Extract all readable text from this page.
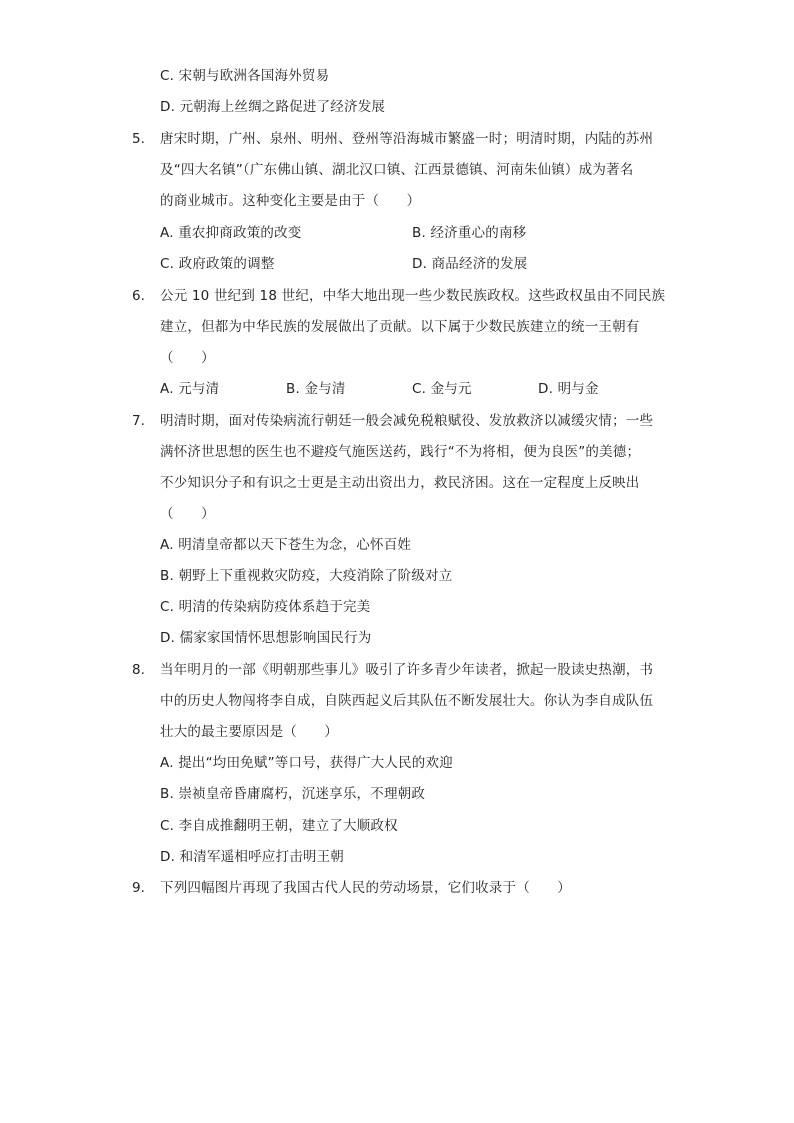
C. 宋朝与欧洲各国海外贸易
D. 元朝海上丝绸之路促进了经济发展
5. 唐宋时期，广州、泉州、明州、登州等沿海城市繁盛一时；明清时期，内陆的苏州
及“四大名镇”（广东佛山镇、湖北汉口镇、江西景德镇、河南朱仙镇）成为著名
的商业城市。这种变化主要是由于（　　）
A. 重农抑商政策的改变	B. 经济重心的南移
C. 政府政策的调整	D. 商品经济的发展
6. 公元 10 世纪到 18 世纪，中华大地出现一些少数民族政权。这些政权虽由不同民族
建立，但都为中华民族的发展做出了贡献。以下属于少数民族建立的统一王朝有
（　　）
A. 元与清	B. 金与清	C. 金与元	D. 明与金
7. 明清时期，面对传染病流行朝廷一般会减免税粮赋役、发放救济以减缓灾情；一些
满怀济世思想的医生也不避疫气施医送药，践行“不为将相，便为良医”的美德；
不少知识分子和有识之士更是主动出资出力，救民济困。这在一定程度上反映出
（　　）
A. 明清皇帝都以天下苍生为念，心怀百姓
B. 朝野上下重视救灾防疫，大疫消除了阶级对立
C. 明清的传染病防疫体系趋于完美
D. 儒家家国情怀思想影响国民行为
8. 当年明月的一部《明朝那些事儿》吸引了许多青少年读者，掀起一股读史热潮，书
中的历史人物闯将李自成，自陕西起义后其队伍不断发展壮大。你认为李自成队伍
壮大的最主要原因是（　　）
A. 提出“均田免赋”等口号，获得广大人民的欢迎
B. 崇祯皇帝昏庸腐朽，沉迷享乐，不理朝政
C. 李自成推翻明王朝，建立了大顺政权
D. 和清军遥相呼应打击明王朝
9. 下列四幅图片再现了我国古代人民的劳动场景，它们收录于（　　）
